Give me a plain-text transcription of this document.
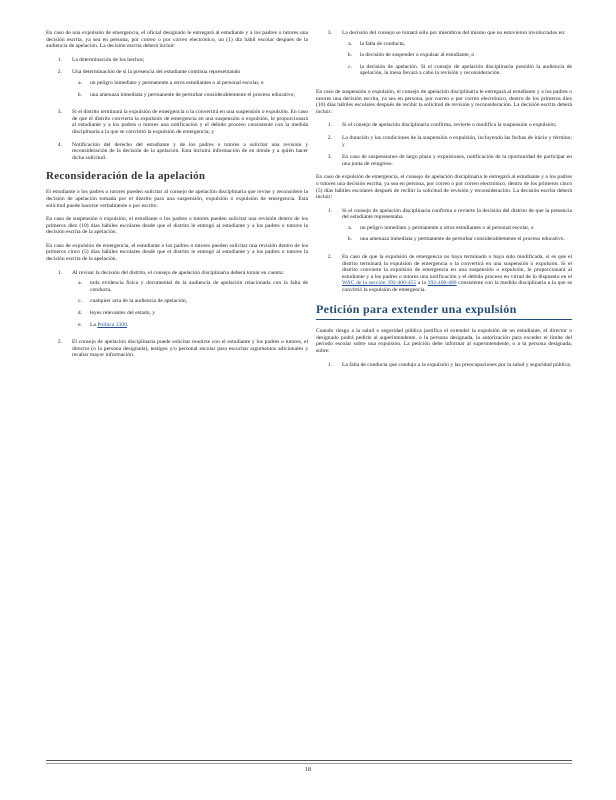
En caso de una expulsión de emergencia, el oficial designado le entregará al estudiante y a los padres o tutores una decisión escrita, ya sea en persona, por correo o por correo electrónico, un (1) día hábil escolar después de la audiencia de apelación. La decisión escrita deberá incluir:

1.	La determinación de los hechos;
2.	Una determinación de si la presencia del estudiante continúa representando
a.	un peligro inmediato y permanente a otros estudiantes o al personal escolar, o
b.	una amenaza inmediata y permanente de perturbar considerablemente el proceso educativo;
3.	Si el distrito terminará la expulsión de emergencia o la convertirá en una suspensión o expulsión. En caso de que el distrito convierta la expulsión de emergencia en una suspensión o expulsión, le proporcionará al estudiante y a los padres o tutores una notificación y el debido proceso consistente con la medida disciplinaria a la que se convirtió la expulsión de emergencia; y
4.	Notificación del derecho del estudiante y de los padres o tutores a solicitar una revisión y reconsideración de la decisión de la apelación. Esta incluirá información de en dónde y a quién hacer dicha solicitud.
Reconsideración de la apelación

El estudiante o los padres o tutores pueden solicitar al consejo de apelación disciplinaria que revise y reconsidere la decisión de apelación tomada por el distrito para una suspensión, expulsión o expulsión de emergencia. Esta solicitud puede hacerse verbalmente o por escrito.

En caso de suspensión o expulsión, el estudiante o los padres o tutores pueden solicitar una revisión dentro de los primeros diez (10) días hábiles escolares desde que el distrito le entregó al estudiante y a los padres o tutores la decisión escrita de la apelación.

En caso de expulsión de emergencia, el estudiante o los padres o tutores pueden solicitar una revisión dentro de los primeros cinco (5) días hábiles escolares desde que el distrito le entregó al estudiante y a los padres o tutores la decisión escrita de la apelación.

1.	Al revisar la decisión del distrito, el consejo de apelación disciplinaria deberá tomar en cuenta:
a.	toda evidencia física y documental de la audiencia de apelación relacionada con la falta de conducta,
c.	cualquier acta de la audiencia de apelación,
d.	leyes relevantes del estado, y
e.	La Política 3300.
2.	El consejo de apelación disciplinaria puede solicitar reunirse con el estudiante y los padres o tutores, el director (o la persona designada), testigos y/o personal escolar para escuchar argumentos adicionales y recabar mayor información.
3.	La decisión del consejo se tomará sólo por miembros del mismo que no estuvieron involucrados en:
a.	la falta de conducta,
b.	la decisión de suspender o expulsar al estudiante, o
c.	la decisión de apelación. Si el consejo de apelación disciplinaria presidió la audiencia de apelación, la mesa llevará a cabo la revisión y reconsideración.

En caso de suspensión o expulsión, el consejo de apelación disciplinaria le entregará al estudiante y a los padres o tutores una decisión escrita, ya sea en persona, por correo o por correo electrónico, dentro de los primeros diez (10) días hábiles escolares después de recibir la solicitud de revisión y reconsideración. La decisión escrita deberá incluir:

1.	Si el consejo de apelación disciplinaria confirma, revierte o modifica la suspensión o expulsión;
2.	La duración y las condiciones de la suspensión o expulsión, incluyendo las fechas de inicio y término; y
3.	En caso de suspensiones de largo plazo y expulsiones, notificación de la oportunidad de participar en una junta de reingreso.

En caso de expulsión de emergencia, el consejo de apelación disciplinaria le entregará al estudiante y a los padres o tutores una decisión escrita, ya sea en persona, por correo o por correo electrónico, dentro de los primeros cinco (5) días hábiles escolares después de recibir la solicitud de revisión y reconsideración. La decisión escrita deberá incluir:

1.	Si el consejo de apelación disciplinaria confirma o revierte la decisión del distrito de que la presencia del estudiante representaba
a.	un peligro inmediato y permanente a otros estudiantes o al personal escolar, o
b.	una amenaza inmediata y permanente de perturbar considerablemente el proceso educativo.
2.	En caso de que la expulsión de emergencia no haya terminado o haya sido modificada, si es que el distrito terminará la expulsión de emergencia o la convertirá en una suspensión o expulsión. Si el distrito convierte la expulsión de emergencia en una suspensión o expulsión, le proporcionará al estudiante y a los padres o tutores una notificación y el debido proceso en virtud de lo dispuesto en el WAC de la sección 392-400-455 a la 392-400-480 consistente con la medida disciplinaria a la que se convirtió la expulsión de emergencia.
Petición para extender una expulsión

Cuando riesgo a la salud o seguridad pública justifica el extender la expulsión de un estudiante, el director o designado podrá pedirle al superintendente, o la persona designada, la autorización para exceder el límite del período escolar sobre una expulsión. La petición debe informar al superintendente, o a la persona designada, sobre:

1.	La falta de conducta que condujo a la expulsión y las preocupaciones por la salud y seguridad pública;
18
